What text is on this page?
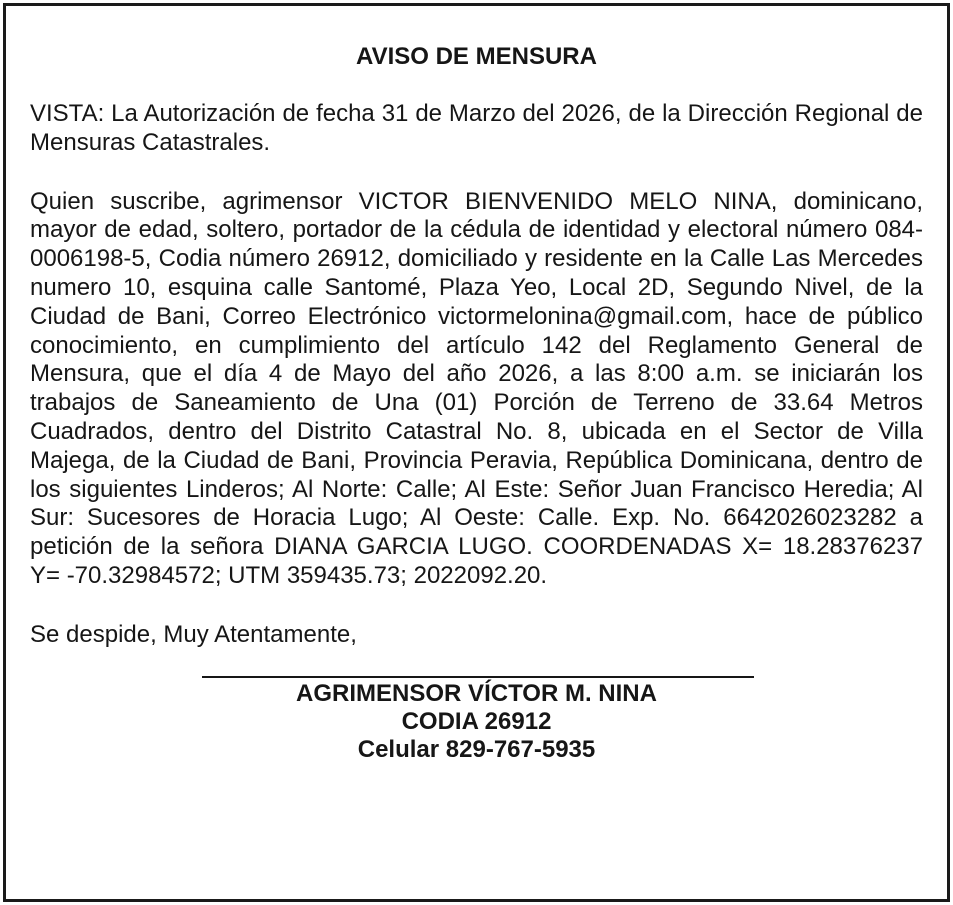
AVISO DE MENSURA

VISTA: La Autorización de fecha 31 de Marzo del 2026, de la Dirección Regional de Mensuras Catastrales.

Quien suscribe, agrimensor VICTOR BIENVENIDO MELO NINA, dominicano, mayor de edad, soltero, portador de la cédula de identidad y electoral número 084-0006198-5, Codia número 26912, domiciliado y residente en la Calle Las Mercedes numero 10, esquina calle Santomé, Plaza Yeo, Local 2D, Segundo Nivel, de la Ciudad de Bani, Correo Electrónico victormelonina@gmail.com, hace de público conocimiento, en cumplimiento del artículo 142 del Reglamento General de Mensura, que el día 4 de Mayo del año 2026, a las 8:00 a.m. se iniciarán los trabajos de Saneamiento de Una (01) Porción de Terreno de 33.64 Metros Cuadrados, dentro del Distrito Catastral No. 8, ubicada en el Sector de Villa Majega, de la Ciudad de Bani, Provincia Peravia, República Dominicana, dentro de los siguientes Linderos; Al Norte: Calle; Al Este: Señor Juan Francisco Heredia; Al Sur: Sucesores de Horacia Lugo; Al Oeste: Calle. Exp. No. 6642026023282 a petición de la señora DIANA GARCIA LUGO. COORDENADAS X= 18.28376237 Y= -70.32984572; UTM 359435.73; 2022092.20.

Se despide, Muy Atentamente,

AGRIMENSOR VÍCTOR M. NINA

CODIA 26912

Celular 829-767-5935
